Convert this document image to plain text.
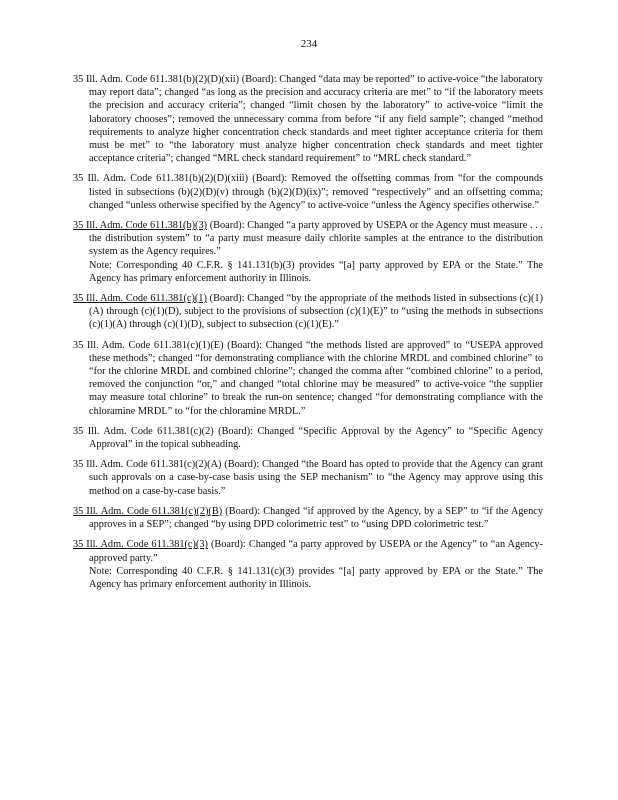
234
35 Ill. Adm. Code 611.381(b)(2)(D)(xii) (Board): Changed “data may be reported” to active-voice “the laboratory may report data”; changed “as long as the precision and accuracy criteria are met” to “if the laboratory meets the precision and accuracy criteria”; changed “limit chosen by the laboratory” to active-voice “limit the laboratory chooses”; removed the unnecessary comma from before “if any field sample”; changed “method requirements to analyze higher concentration check standards and meet tighter acceptance criteria for them must be met” to “the laboratory must analyze higher concentration check standards and meet tighter acceptance criteria”; changed “MRL check standard requirement” to “MRL check standard.”
35 Ill. Adm. Code 611.381(b)(2)(D)(xiii) (Board): Removed the offsetting commas from “for the compounds listed in subsections (b)(2)(D)(v) through (b)(2)(D)(ix)”; removed “respectively” and an offsetting comma; changed “unless otherwise specified by the Agency” to active-voice “unless the Agency specifies otherwise.”
35 Ill. Adm. Code 611.381(b)(3) (Board): Changed “a party approved by USEPA or the Agency must measure . . . the distribution system” to “a party must measure daily chlorite samples at the entrance to the distribution system as the Agency requires.”
Note: Corresponding 40 C.F.R. § 141.131(b)(3) provides “[a] party approved by EPA or the State.” The Agency has primary enforcement authority in Illinois.
35 Ill. Adm. Code 611.381(c)(1) (Board): Changed “by the appropriate of the methods listed in subsections (c)(1)(A) through (c)(1)(D), subject to the provisions of subsection (c)(1)(E)” to “using the methods in subsections (c)(1)(A) through (c)(1)(D), subject to subsection (c)(1)(E).”
35 Ill. Adm. Code 611.381(c)(1)(E) (Board): Changed “the methods listed are approved” to “USEPA approved these methods”; changed “for demonstrating compliance with the chlorine MRDL and combined chlorine” to “for the chlorine MRDL and combined chlorine”; changed the comma after “combined chlorine” to a period, removed the conjunction “or,” and changed “total chlorine may be measured” to active-voice “the supplier may measure total chlorine” to break the run-on sentence; changed “for demonstrating compliance with the chloramine MRDL” to “for the chloramine MRDL.”
35 Ill. Adm. Code 611.381(c)(2) (Board): Changed “Specific Approval by the Agency” to “Specific Agency Approval” in the topical subheading.
35 Ill. Adm. Code 611.381(c)(2)(A) (Board): Changed “the Board has opted to provide that the Agency can grant such approvals on a case-by-case basis using the SEP mechanism” to “the Agency may approve using this method on a case-by-case basis.”
35 Ill. Adm. Code 611.381(c)(2)(B) (Board): Changed “if approved by the Agency, by a SEP” to “if the Agency approves in a SEP”; changed “by using DPD colorimetric test” to “using DPD colorimetric test.”
35 Ill. Adm. Code 611.381(c)(3) (Board): Changed “a party approved by USEPA or the Agency” to “an Agency-approved party.”
Note: Corresponding 40 C.F.R. § 141.131(c)(3) provides “[a] party approved by EPA or the State.” The Agency has primary enforcement authority in Illinois.
